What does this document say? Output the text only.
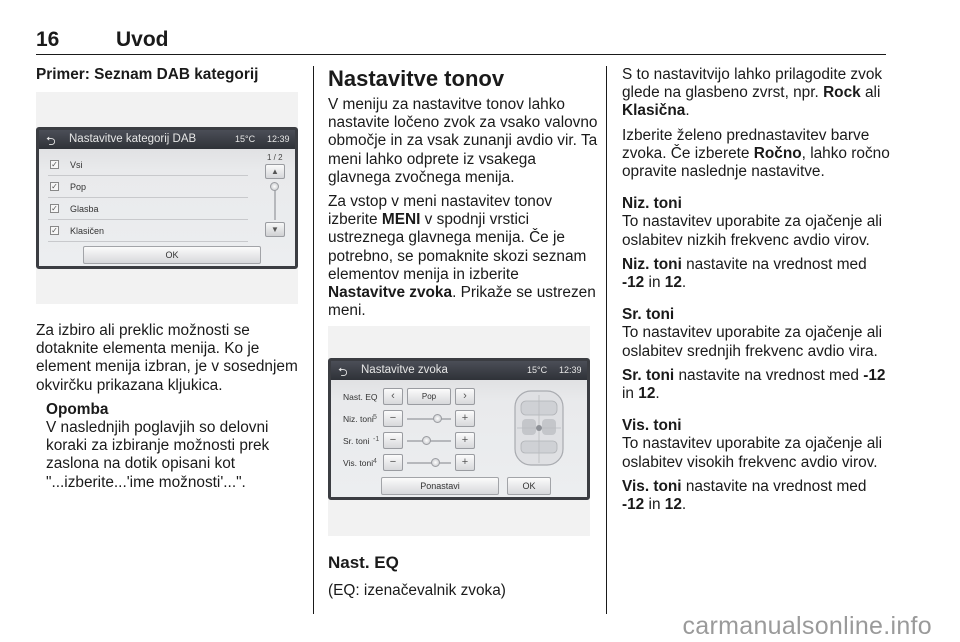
16	Uvod
Primer: Seznam DAB kategorij
⮌ Nastavitve kategorij DAB	15°C 12:39
✓ Vsi
✓ Pop
✓ Glasba
✓ Klasičen
1 / 2
▲
▼
OK

Za izbiro ali preklic možnosti se dotaknite elementa menija. Ko je element menija izbran, je v sosednjem okvirčku prikazana kljukica.

Opomba
V naslednjih poglavjih so delovni koraki za izbiranje možnosti prek zaslona na dotik opisani kot "...izberite...'ime možnosti'...".
Nastavitve tonov

V meniju za nastavitve tonov lahko nastavite ločeno zvok za vsako valovno območje in za vsak zunanji avdio vir. Ta meni lahko odprete iz vsakega glavnega zvočnega menija.

Za vstop v meni nastavitev tonov izberite MENI v spodnji vrstici ustreznega glavnega menija. Če je potrebno, se pomaknite skozi seznam elementov menija in izberite Nastavitve zvoka. Prikaže se ustrezen meni.

⮌ Nastavitve zvoka	15°C 12:39
Nast. EQ	‹	Pop	›
Niz. toni 5	−	+
Sr. toni -1 −	+
Vis. toni 4	−	+
Ponastavi	OK
Nast. EQ

(EQ: izenačevalnik zvoka)

S to nastavitvijo lahko prilagodite zvok glede na glasbeno zvrst, npr. Rock ali Klasična.

Izberite želeno prednastavitev barve zvoka. Če izberete Ročno, lahko ročno opravite naslednje nastavitve.

Niz. toni

To nastavitev uporabite za ojačenje ali oslabitev nizkih frekvenc avdio virov.

Niz. toni nastavite na vrednost med -12 in 12.

Sr. toni

To nastavitev uporabite za ojačenje ali oslabitev srednjih frekvenc avdio vira.

Sr. toni nastavite na vrednost med -12 in 12.

Vis. toni

To nastavitev uporabite za ojačenje ali oslabitev visokih frekvenc avdio virov.

Vis. toni nastavite na vrednost med -12 in 12.

carmanualsonline.info
